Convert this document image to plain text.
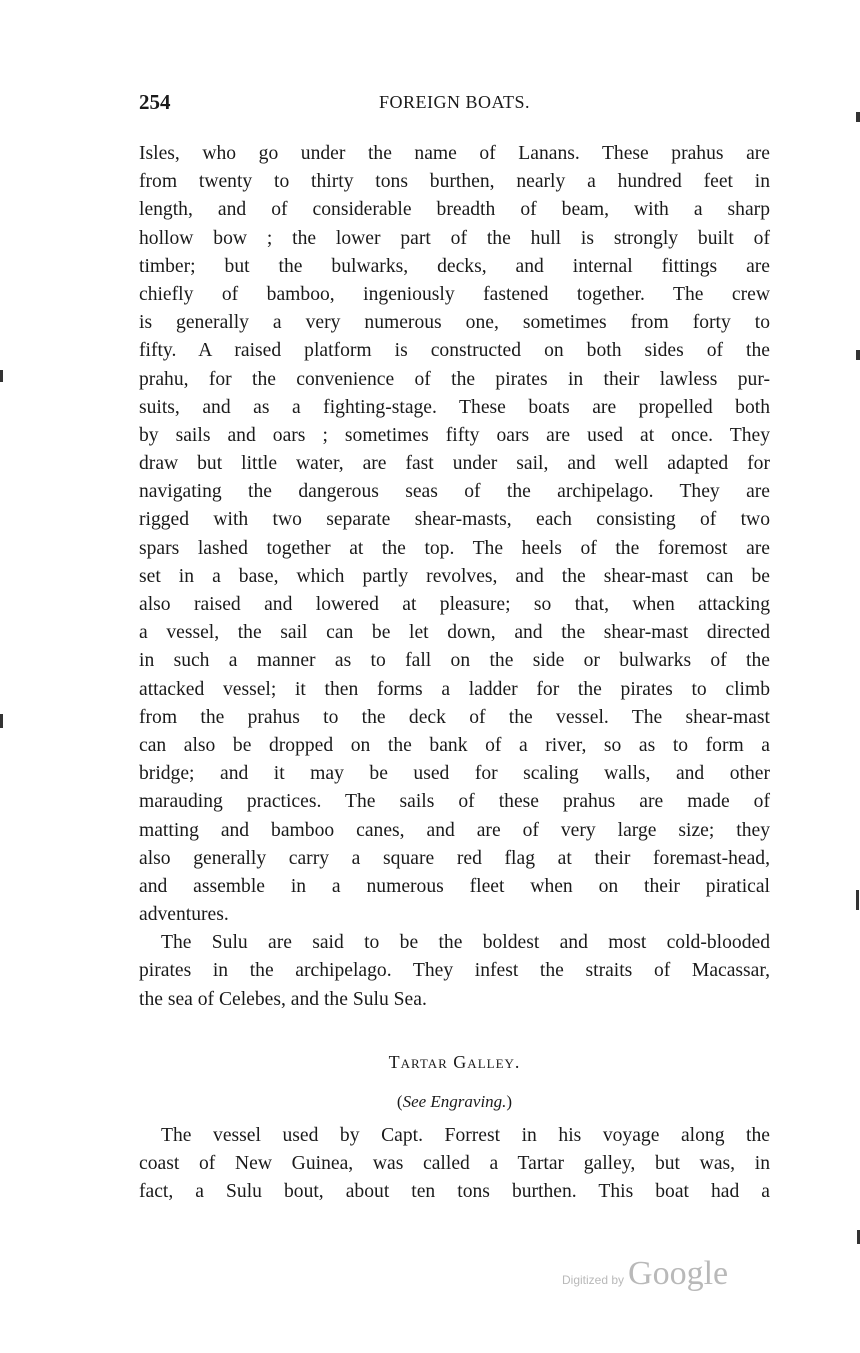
254	FOREIGN BOATS.
Isles, who go under the name of Lanans. These prahus are
from twenty to thirty tons burthen, nearly a hundred feet in
length, and of considerable breadth of beam, with a sharp
hollow bow ; the lower part of the hull is strongly built of
timber; but the bulwarks, decks, and internal fittings are
chiefly of bamboo, ingeniously fastened together. The crew
is generally a very numerous one, sometimes from forty to
fifty. A raised platform is constructed on both sides of the
prahu, for the convenience of the pirates in their lawless pur-
suits, and as a fighting-stage. These boats are propelled both
by sails and oars ; sometimes fifty oars are used at once. They
draw but little water, are fast under sail, and well adapted for
navigating the dangerous seas of the archipelago. They are
rigged with two separate shear-masts, each consisting of two
spars lashed together at the top. The heels of the foremost are
set in a base, which partly revolves, and the shear-mast can be
also raised and lowered at pleasure; so that, when attacking
a vessel, the sail can be let down, and the shear-mast directed
in such a manner as to fall on the side or bulwarks of the
attacked vessel; it then forms a ladder for the pirates to climb
from the prahus to the deck of the vessel. The shear-mast
can also be dropped on the bank of a river, so as to form a
bridge; and it may be used for scaling walls, and other
marauding practices. The sails of these prahus are made of
matting and bamboo canes, and are of very large size; they
also generally carry a square red flag at their foremast-head,
and assemble in a numerous fleet when on their piratical
adventures.
The Sulu are said to be the boldest and most cold-blooded
pirates in the archipelago. They infest the straits of Macassar,
the sea of Celebes, and the Sulu Sea.
Tartar Galley.
(See Engraving.)
The vessel used by Capt. Forrest in his voyage along the
coast of New Guinea, was called a Tartar galley, but was, in
fact, a Sulu bout, about ten tons burthen. This boat had a
Digitized by Google
